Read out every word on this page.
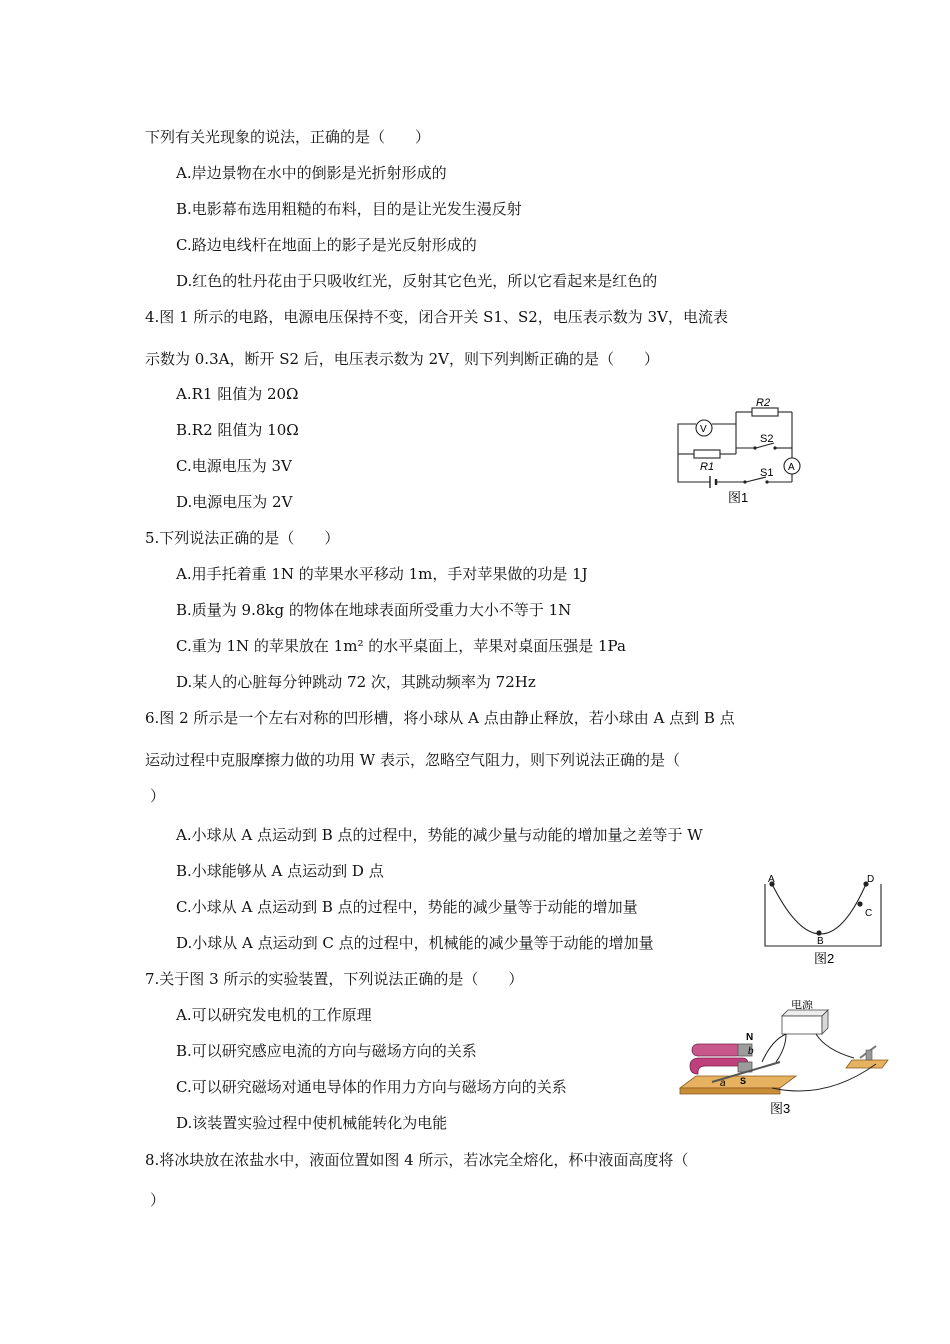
下列有关光现象的说法，正确的是（　　）
A.岸边景物在水中的倒影是光折射形成的
B.电影幕布选用粗糙的布料，目的是让光发生漫反射
C.路边电线杆在地面上的影子是光反射形成的
D.红色的牡丹花由于只吸收红光，反射其它色光，所以它看起来是红色的
4.图 1 所示的电路，电源电压保持不变，闭合开关 S1、S2，电压表示数为 3V，电流表
示数为 0.3A，断开 S2 后，电压表示数为 2V，则下列判断正确的是（　　）
A.R1 阻值为 20Ω
B.R2 阻值为 10Ω
C.电源电压为 3V
D.电源电压为 2V
V
A
R2
R1
S2
S1
图1
5.下列说法正确的是（　　）
A.用手托着重 1N 的苹果水平移动 1m，手对苹果做的功是 1J
B.质量为 9.8kg 的物体在地球表面所受重力大小不等于 1N
C.重为 1N 的苹果放在 1m² 的水平桌面上，苹果对桌面压强是 1Pa
D.某人的心脏每分钟跳动 72 次，其跳动频率为 72Hz
6.图 2 所示是一个左右对称的凹形槽，将小球从 A 点由静止释放，若小球由 A 点到 B 点
运动过程中克服摩擦力做的功用 W 表示，忽略空气阻力，则下列说法正确的是（
）
A.小球从 A 点运动到 B 点的过程中，势能的减少量与动能的增加量之差等于 W
B.小球能够从 A 点运动到 D 点
C.小球从 A 点运动到 B 点的过程中，势能的减少量等于动能的增加量
D.小球从 A 点运动到 C 点的过程中，机械能的减少量等于动能的增加量
A
B
C
D
图2
7.关于图 3 所示的实验装置，下列说法正确的是（　　）
A.可以研究发电机的工作原理
B.可以研究感应电流的方向与磁场方向的关系
C.可以研究磁场对通电导体的作用力方向与磁场方向的关系
D.该装置实验过程中使机械能转化为电能
电源
N
S
b
a
图3
8.将冰块放在浓盐水中，液面位置如图 4 所示，若冰完全熔化，杯中液面高度将（
）
